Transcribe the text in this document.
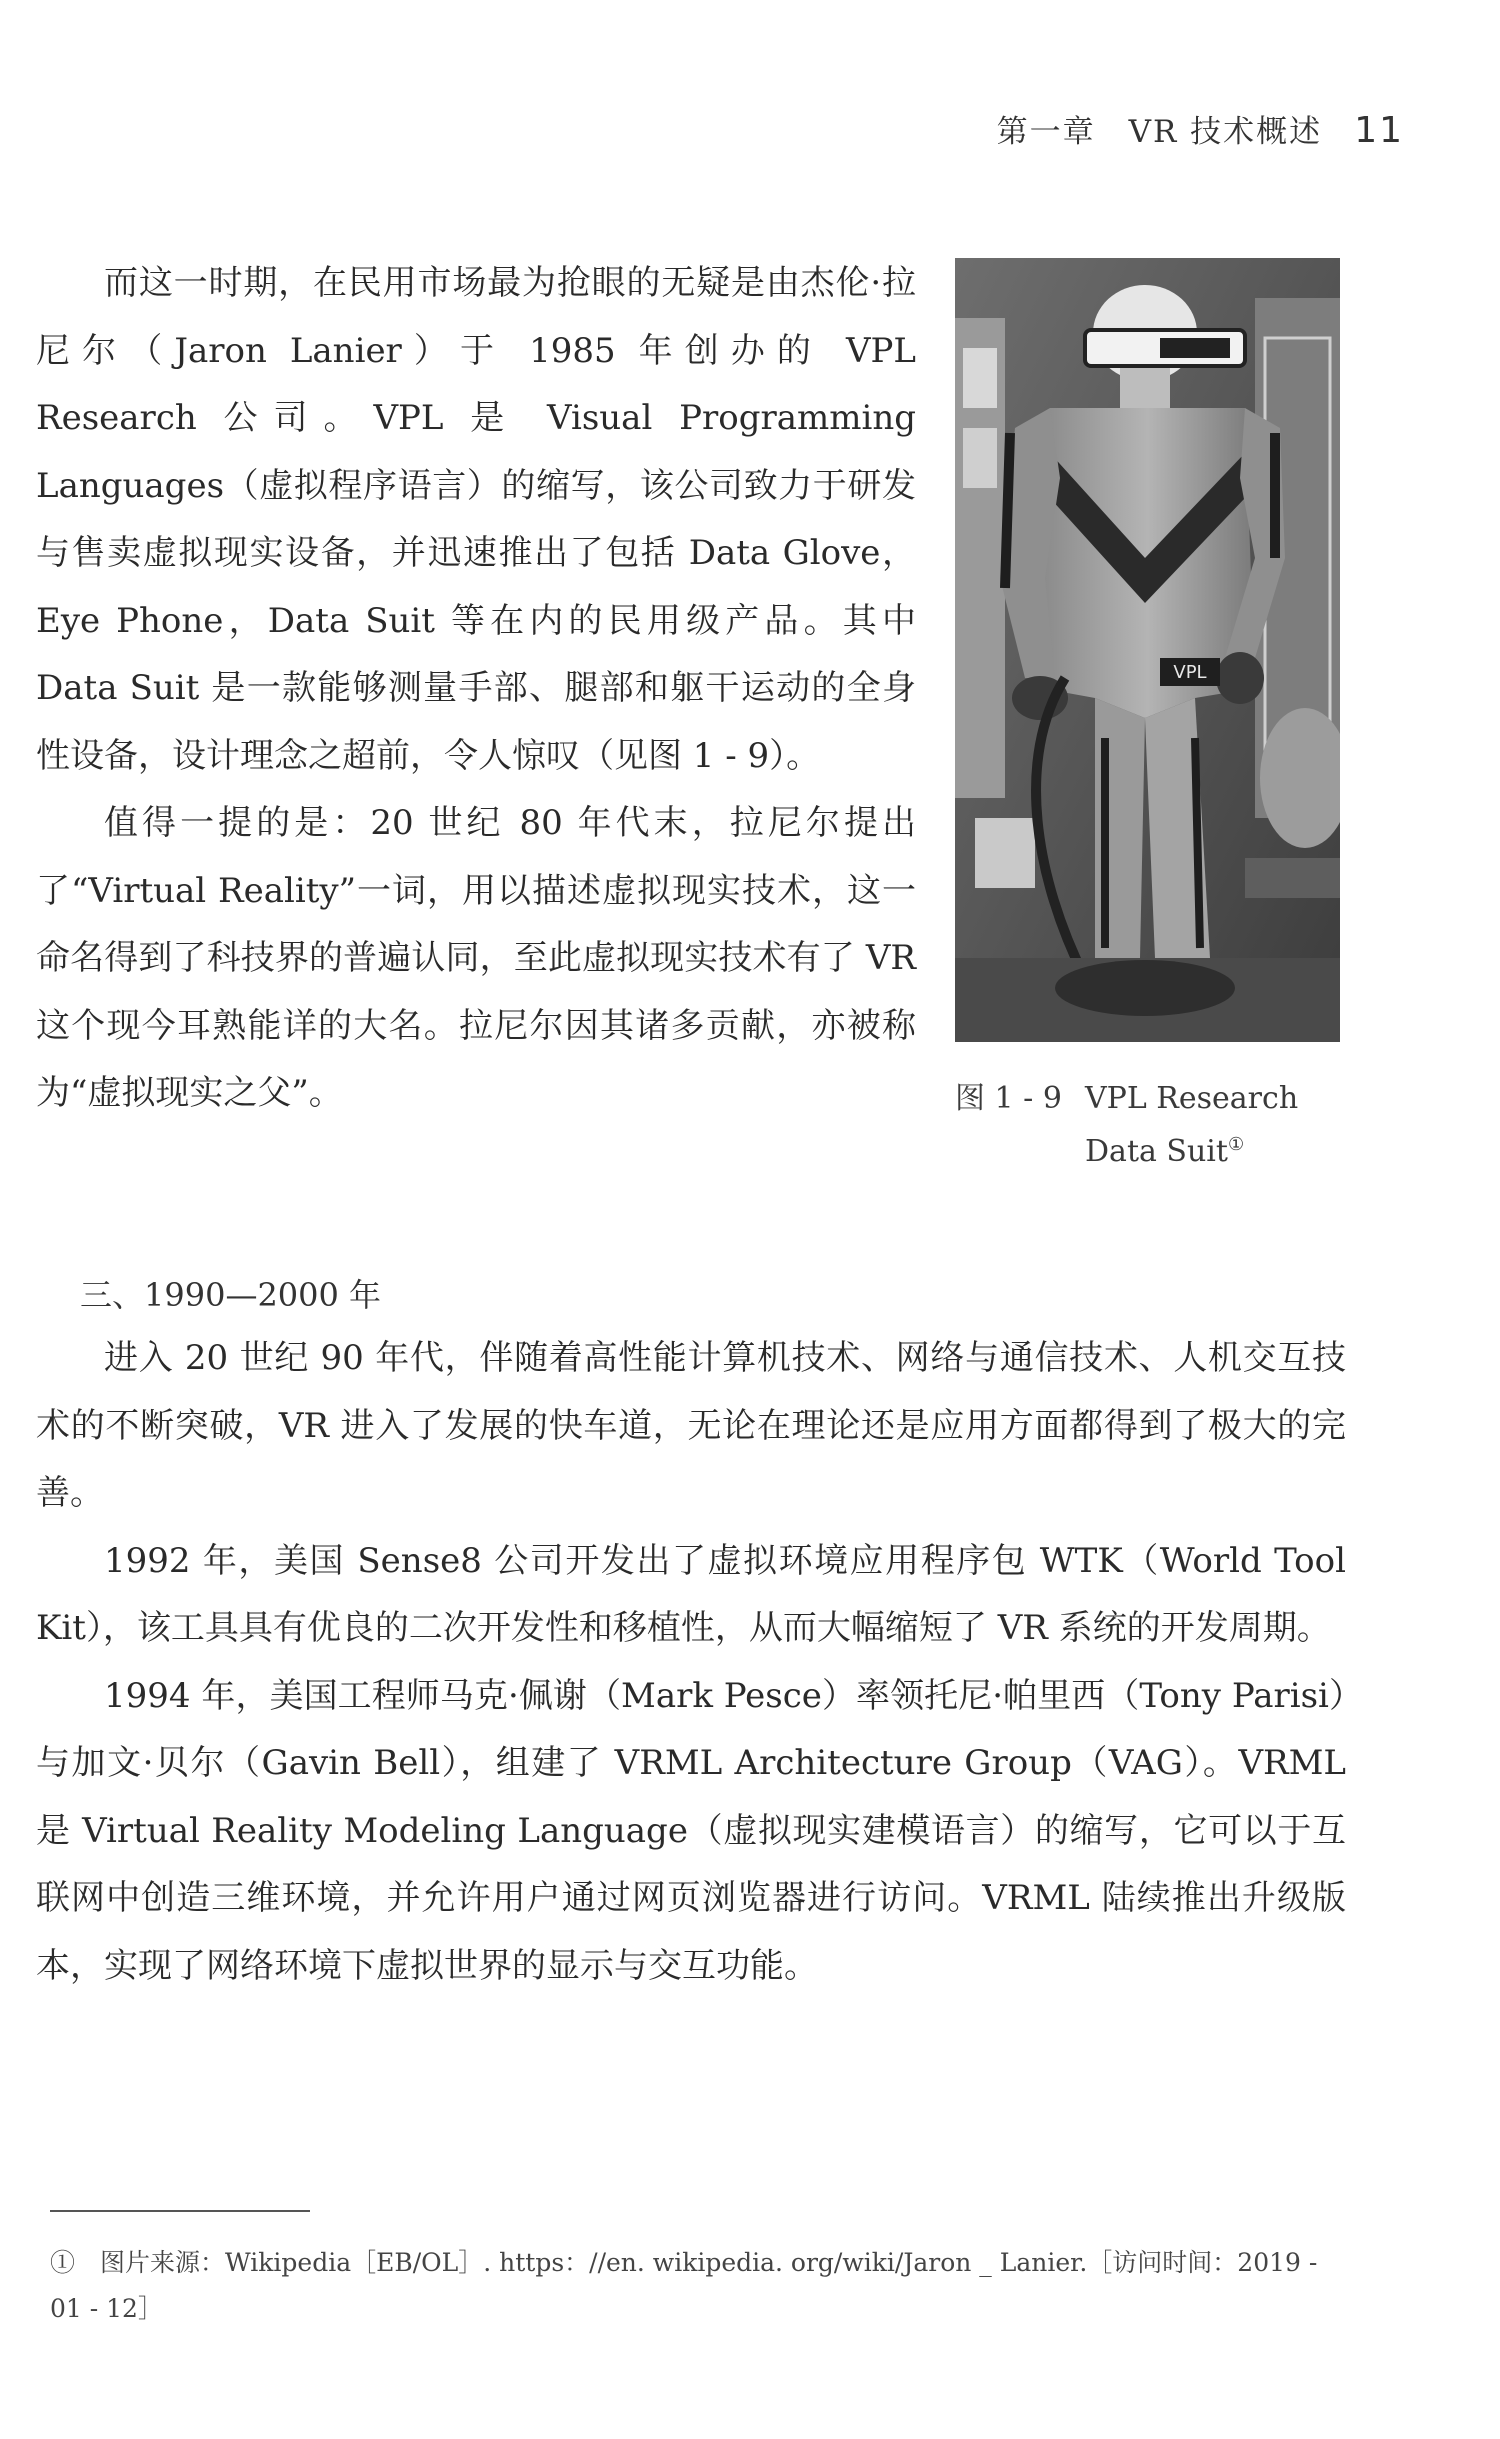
第一章　VR 技术概述 11

而这一时期，在民用市场最为抢眼的无疑是由杰伦·拉尼尔（Jaron Lanier）于 1985 年创办的 VPL Research 公司。VPL 是 Visual Programming Languages（虚拟程序语言）的缩写，该公司致力于研发与售卖虚拟现实设备，并迅速推出了包括 Data Glove，Eye Phone，Data Suit 等在内的民用级产品。其中 Data Suit 是一款能够测量手部、腿部和躯干运动的全身性设备，设计理念之超前，令人惊叹（见图 1 - 9）。

值得一提的是：20 世纪 80 年代末，拉尼尔提出了“Virtual Reality”一词，用以描述虚拟现实技术，这一命名得到了科技界的普遍认同，至此虚拟现实技术有了 VR 这个现今耳熟能详的大名。拉尼尔因其诸多贡献，亦被称为“虚拟现实之父”。

VPL
图 1 - 9 VPL Research Data Suit①
三、1990—2000 年

进入 20 世纪 90 年代，伴随着高性能计算机技术、网络与通信技术、人机交互技术的不断突破，VR 进入了发展的快车道，无论在理论还是应用方面都得到了极大的完善。

1992 年，美国 Sense8 公司开发出了虚拟环境应用程序包 WTK（World Tool Kit），该工具具有优良的二次开发性和移植性，从而大幅缩短了 VR 系统的开发周期。

1994 年，美国工程师马克·佩谢（Mark Pesce）率领托尼·帕里西（Tony Parisi）与加文·贝尔（Gavin Bell），组建了 VRML Architecture Group（VAG）。VRML 是 Virtual Reality Modeling Language（虚拟现实建模语言）的缩写，它可以于互联网中创造三维环境，并允许用户通过网页浏览器进行访问。VRML 陆续推出升级版本，实现了网络环境下虚拟世界的显示与交互功能。

①　图片来源：Wikipedia［EB/OL］. https：//en. wikipedia. org/wiki/Jaron _ Lanier.［访问时间：2019 - 01 - 12］
